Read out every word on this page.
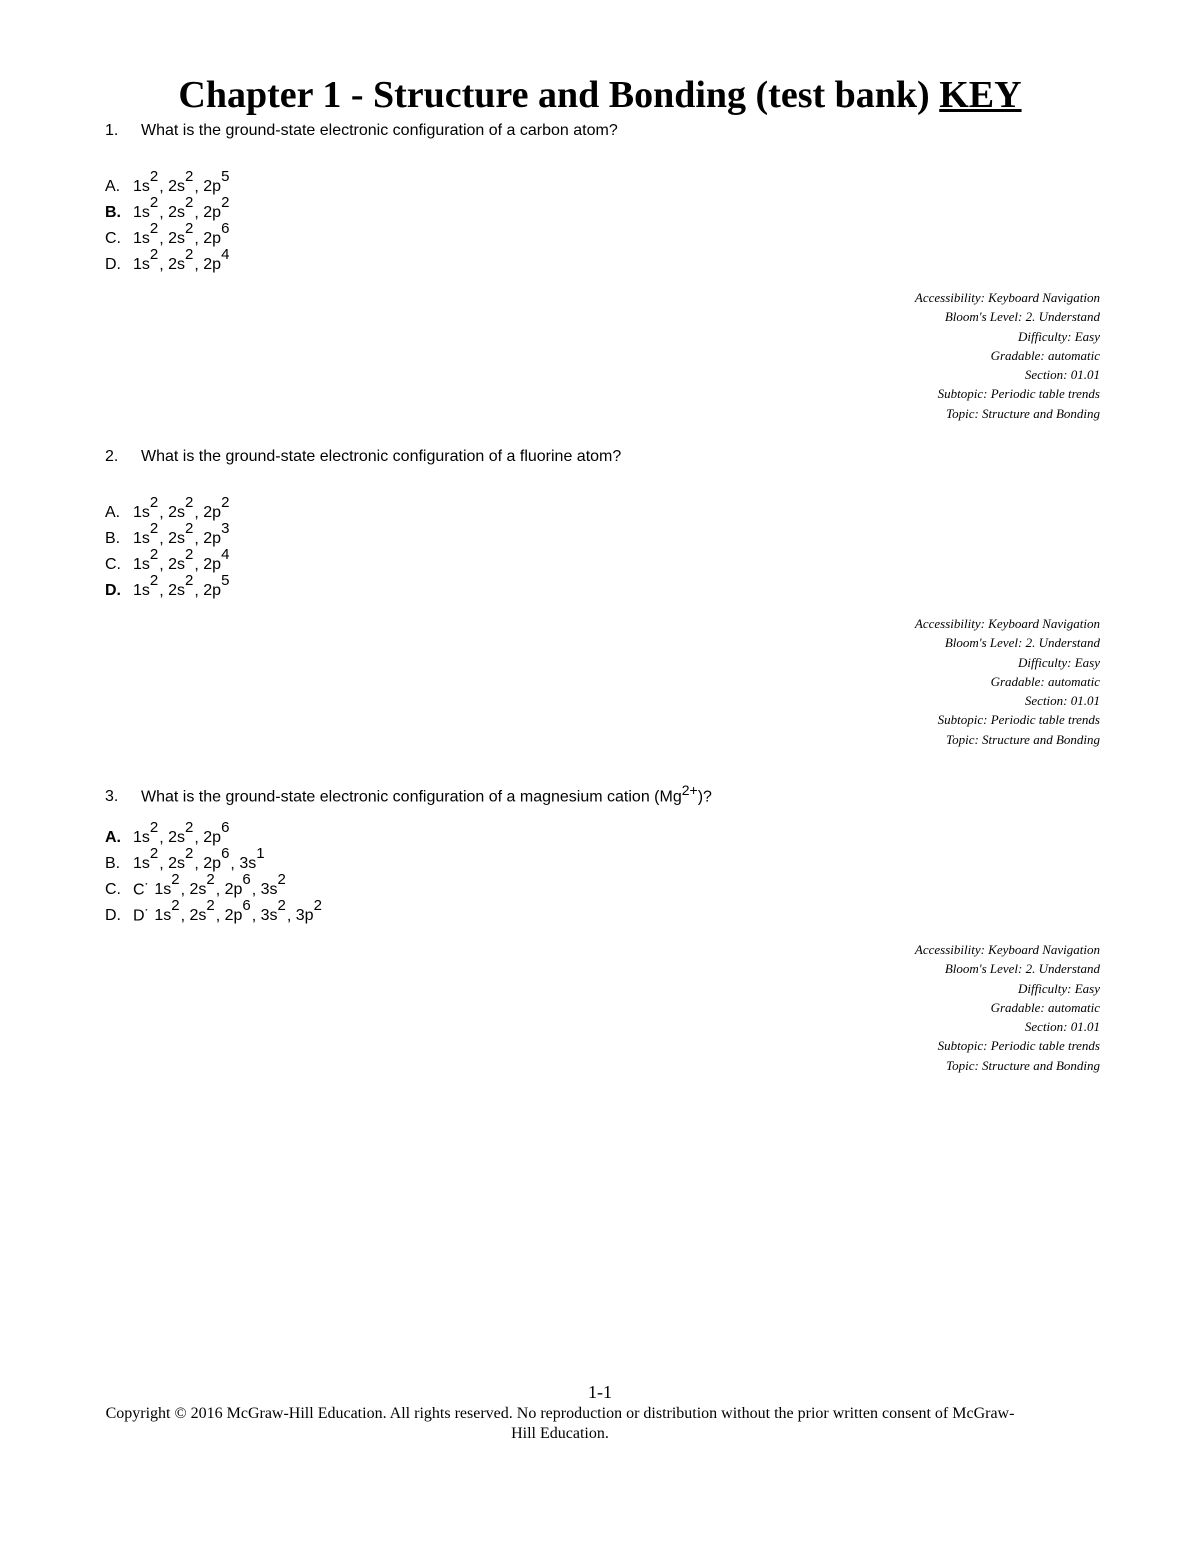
Chapter 1 - Structure and Bonding (test bank) KEY
1. What is the ground-state electronic configuration of a carbon atom?
A. $1s^2$, $2s^2$, $2p^5$
B. $1s^2$, $2s^2$, $2p^2$
C. $1s^2$, $2s^2$, $2p^6$
D. $1s^2$, $2s^2$, $2p^4$
Accessibility: Keyboard Navigation
Bloom's Level: 2. Understand
Difficulty: Easy
Gradable: automatic
Section: 01.01
Subtopic: Periodic table trends
Topic: Structure and Bonding
2. What is the ground-state electronic configuration of a fluorine atom?
A. $1s^2$, $2s^2$, $2p^2$
B. $1s^2$, $2s^2$, $2p^3$
C. $1s^2$, $2s^2$, $2p^4$
D. $1s^2$, $2s^2$, $2p^5$
Accessibility: Keyboard Navigation
Bloom's Level: 2. Understand
Difficulty: Easy
Gradable: automatic
Section: 01.01
Subtopic: Periodic table trends
Topic: Structure and Bonding
3. What is the ground-state electronic configuration of a magnesium cation $(Mg^{2+})$?
A. $1s^2$, $2s^2$, $2p^6$
B. $1s^2$, $2s^2$, $2p^6$, $3s^1$
C. C˙ $1s^2$, $2s^2$, $2p^6$, $3s^2$
D. D˙ $1s^2$, $2s^2$, $2p^6$, $3s^2$, $3p^2$
Accessibility: Keyboard Navigation
Bloom's Level: 2. Understand
Difficulty: Easy
Gradable: automatic
Section: 01.01
Subtopic: Periodic table trends
Topic: Structure and Bonding
1-1
Copyright © 2016 McGraw-Hill Education. All rights reserved. No reproduction or distribution without the prior written consent of McGraw-Hill Education.
